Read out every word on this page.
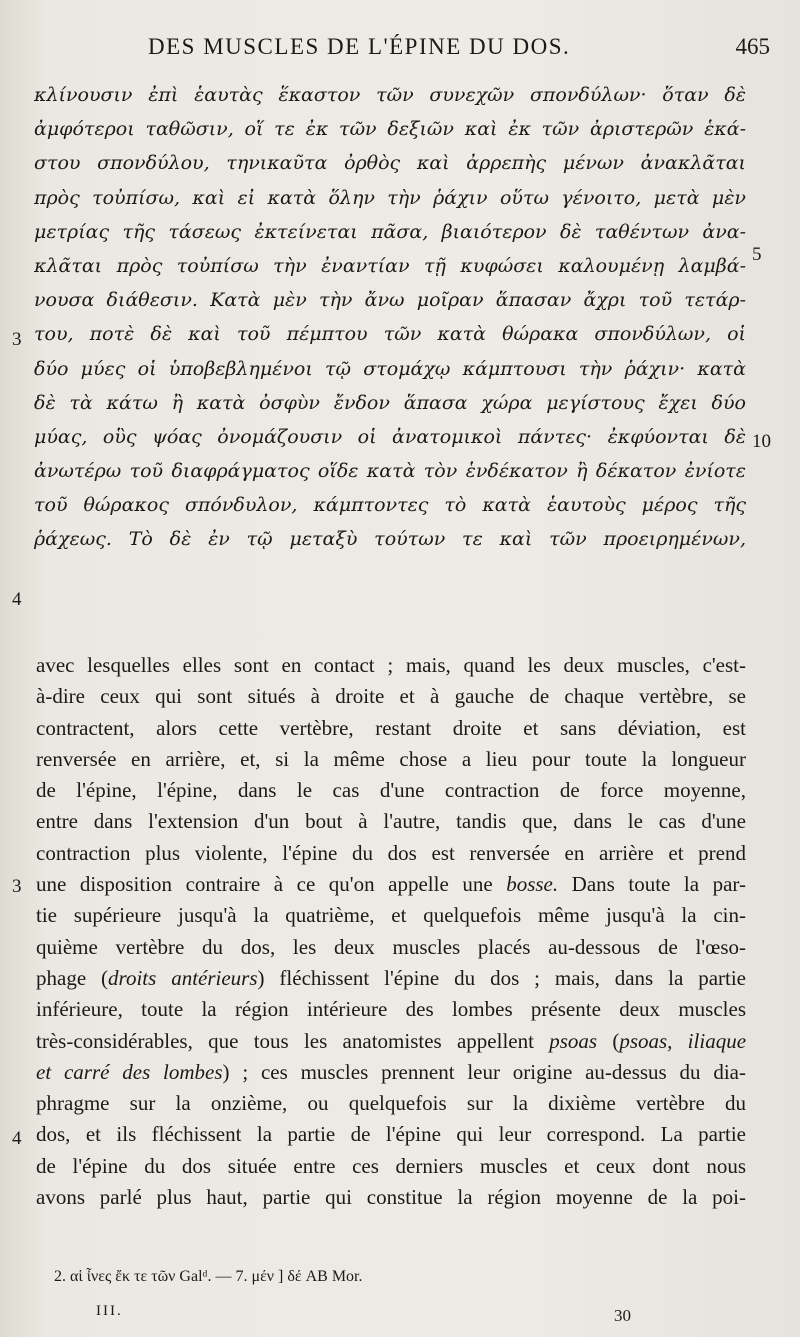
DES MUSCLES DE L'ÉPINE DU DOS.	465
κλίνουσιν ἐπὶ ἑαυτὰς ἕκαστον τῶν συνεχῶν σπονδύλων· ὅταν δὲ
ἀμφότεροι ταθῶσιν, οἵ τε ἐκ τῶν δεξιῶν καὶ ἐκ τῶν ἀριστερῶν ἑκά-
στου σπονδύλου, τηνικαῦτα ὀρθὸς καὶ ἀρρεπὴς μένων ἀνακλᾶται
πρὸς τοὐπίσω, καὶ εἰ κατὰ ὅλην τὴν ῥάχιν οὕτω γένοιτο, μετὰ μὲν
μετρίας τῆς τάσεως ἐκτείνεται πᾶσα, βιαιότερον δὲ ταθέντων ἀνα-
κλᾶται πρὸς τοὐπίσω τὴν ἐναντίαν τῇ κυφώσει καλουμένῃ λαμβά-
νουσα διάθεσιν. Κατὰ μὲν τὴν ἄνω μοῖραν ἅπασαν ἄχρι τοῦ τετάρ-
του, ποτὲ δὲ καὶ τοῦ πέμπτου τῶν κατὰ θώρακα σπονδύλων, οἱ
δύο μύες οἱ ὑποβεβλημένοι τῷ στομάχῳ κάμπτουσι τὴν ῥάχιν· κατὰ
δὲ τὰ κάτω ἢ κατὰ ὀσφὺν ἔνδον ἅπασα χώρα μεγίστους ἔχει δύο
μύας, οὓς ψόας ὀνομάζουσιν οἱ ἀνατομικοὶ πάντες· ἐκφύονται δὲ
ἀνωτέρω τοῦ διαφράγματος οἵδε κατὰ τὸν ἑνδέκατον ἢ δέκατον ἐνίοτε
τοῦ θώρακος σπόνδυλον, κάμπτοντες τὸ κατὰ ἑαυτοὺς μέρος τῆς
ῥάχεως. Τὸ δὲ ἐν τῷ μεταξὺ τούτων τε καὶ τῶν προειρημένων,
avec lesquelles elles sont en contact ; mais, quand les deux muscles, c'est-
à-dire ceux qui sont situés à droite et à gauche de chaque vertèbre, se
contractent, alors cette vertèbre, restant droite et sans déviation, est
renversée en arrière, et, si la même chose a lieu pour toute la longueur
de l'épine, l'épine, dans le cas d'une contraction de force moyenne,
entre dans l'extension d'un bout à l'autre, tandis que, dans le cas d'une
contraction plus violente, l'épine du dos est renversée en arrière et prend
une disposition contraire à ce qu'on appelle une bosse. Dans toute la par-
tie supérieure jusqu'à la quatrième, et quelquefois même jusqu'à la cin-
quième vertèbre du dos, les deux muscles placés au-dessous de l'œso-
phage (droits antérieurs) fléchissent l'épine du dos ; mais, dans la partie
inférieure, toute la région intérieure des lombes présente deux muscles
très-considérables, que tous les anatomistes appellent psoas (psoas, iliaque
et carré des lombes) ; ces muscles prennent leur origine au-dessus du dia-
phragme sur la onzième, ou quelquefois sur la dixième vertèbre du
dos, et ils fléchissent la partie de l'épine qui leur correspond. La partie
de l'épine du dos située entre ces derniers muscles et ceux dont nous
avons parlé plus haut, partie qui constitue la région moyenne de la poi-
3
4
5
10
3
4
2. αἱ ἶνες ἔκ τε τῶν Galᵈ. — 7. μέν ] δέ AB Mor.
III.	30
